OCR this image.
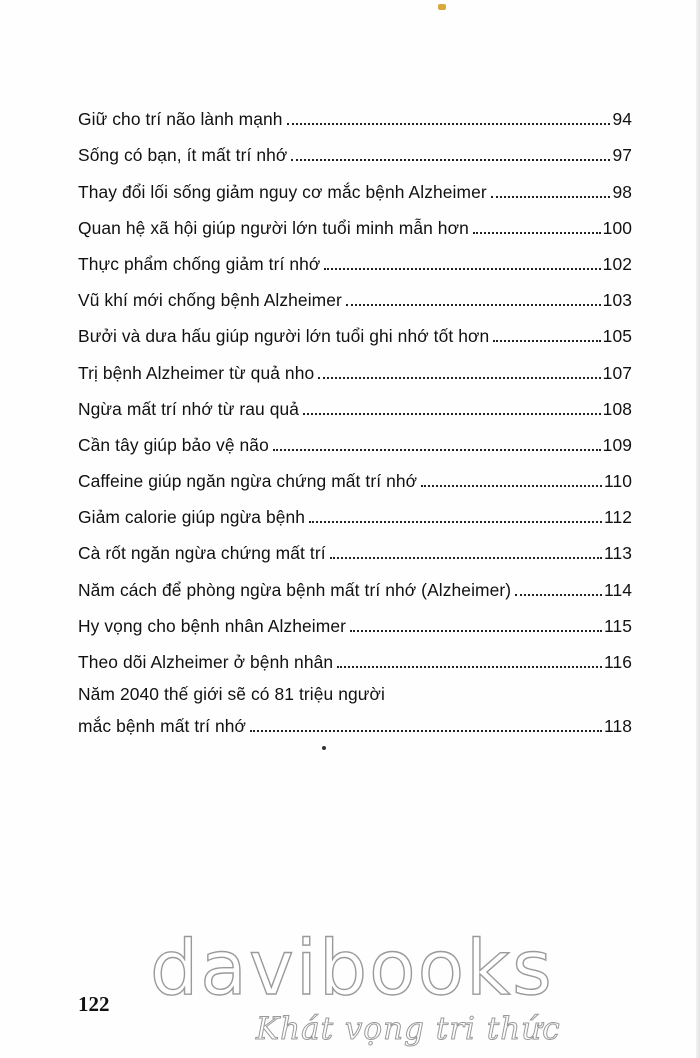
Giữ cho trí não lành mạnh	94
Sống có bạn, ít mất trí nhớ	97
Thay đổi lối sống giảm nguy cơ mắc bệnh Alzheimer	98
Quan hệ xã hội giúp người lớn tuổi minh mẫn hơn	100
Thực phẩm chống giảm trí nhớ	102
Vũ khí mới chống bệnh Alzheimer	103
Bưởi và dưa hấu giúp người lớn tuổi ghi nhớ tốt hơn	105
Trị bệnh Alzheimer từ quả nho	107
Ngừa mất trí nhớ từ rau quả	108
Cần tây giúp bảo vệ não	109
Caffeine giúp ngăn ngừa chứng mất trí nhớ	110
Giảm calorie giúp ngừa bệnh	112
Cà rốt ngăn ngừa chứng mất trí	113
Năm cách để phòng ngừa bệnh mất trí nhớ (Alzheimer)	114
Hy vọng cho bệnh nhân Alzheimer	115
Theo dõi Alzheimer ở bệnh nhân	116
Năm 2040 thế giới sẽ có 81 triệu người
mắc bệnh mất trí nhớ	118
davibooks
Khát vọng tri thức
122
